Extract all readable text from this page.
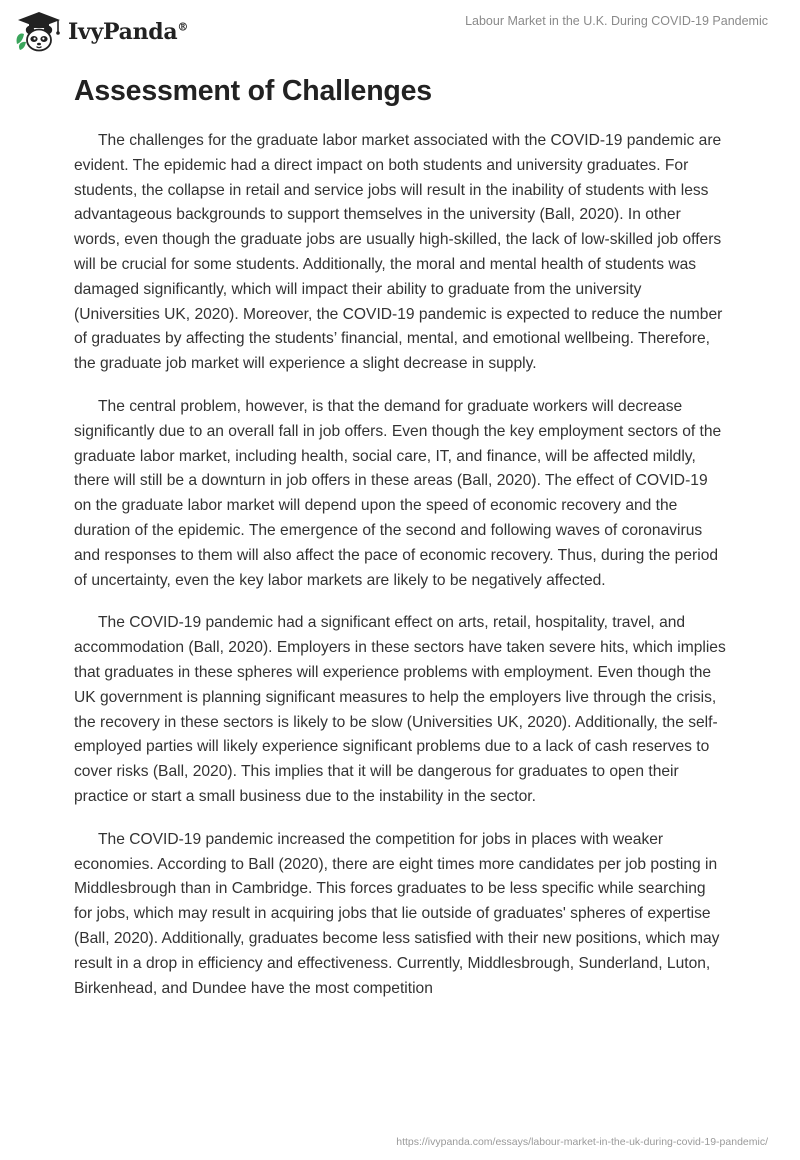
IvyPanda®	Labour Market in the U.K. During COVID-19 Pandemic
Assessment of Challenges

The challenges for the graduate labor market associated with the COVID-19 pandemic are evident. The epidemic had a direct impact on both students and university graduates. For students, the collapse in retail and service jobs will result in the inability of students with less advantageous backgrounds to support themselves in the university (Ball, 2020). In other words, even though the graduate jobs are usually high-skilled, the lack of low-skilled job offers will be crucial for some students. Additionally, the moral and mental health of students was damaged significantly, which will impact their ability to graduate from the university (Universities UK, 2020). Moreover, the COVID-19 pandemic is expected to reduce the number of graduates by affecting the students’ financial, mental, and emotional wellbeing. Therefore, the graduate job market will experience a slight decrease in supply.

The central problem, however, is that the demand for graduate workers will decrease significantly due to an overall fall in job offers. Even though the key employment sectors of the graduate labor market, including health, social care, IT, and finance, will be affected mildly, there will still be a downturn in job offers in these areas (Ball, 2020). The effect of COVID-19 on the graduate labor market will depend upon the speed of economic recovery and the duration of the epidemic. The emergence of the second and following waves of coronavirus and responses to them will also affect the pace of economic recovery. Thus, during the period of uncertainty, even the key labor markets are likely to be negatively affected.

The COVID-19 pandemic had a significant effect on arts, retail, hospitality, travel, and accommodation (Ball, 2020). Employers in these sectors have taken severe hits, which implies that graduates in these spheres will experience problems with employment. Even though the UK government is planning significant measures to help the employers live through the crisis, the recovery in these sectors is likely to be slow (Universities UK, 2020). Additionally, the self-employed parties will likely experience significant problems due to a lack of cash reserves to cover risks (Ball, 2020). This implies that it will be dangerous for graduates to open their practice or start a small business due to the instability in the sector.

The COVID-19 pandemic increased the competition for jobs in places with weaker economies. According to Ball (2020), there are eight times more candidates per job posting in Middlesbrough than in Cambridge. This forces graduates to be less specific while searching for jobs, which may result in acquiring jobs that lie outside of graduates' spheres of expertise (Ball, 2020). Additionally, graduates become less satisfied with their new positions, which may result in a drop in efficiency and effectiveness. Currently, Middlesbrough, Sunderland, Luton, Birkenhead, and Dundee have the most competition

https://ivypanda.com/essays/labour-market-in-the-uk-during-covid-19-pandemic/
